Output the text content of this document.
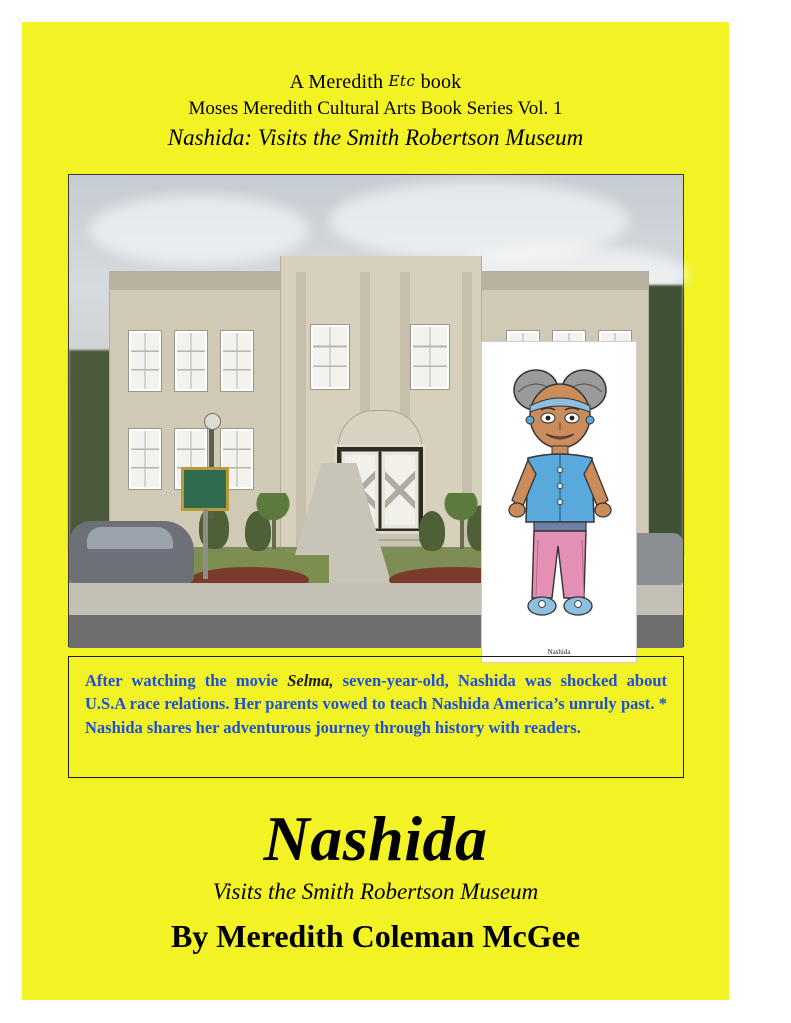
A Meredith Etc book
Moses Meredith Cultural Arts Book Series Vol. 1
Nashida: Visits the Smith Robertson Museum
Nashida

After watching the movie Selma, seven-year-old, Nashida was shocked about U.S.A race relations. Her parents vowed to teach Nashida America’s unruly past. * Nashida shares her adventurous journey through history with readers.

Nashida
Visits the Smith Robertson Museum
By Meredith Coleman McGee
